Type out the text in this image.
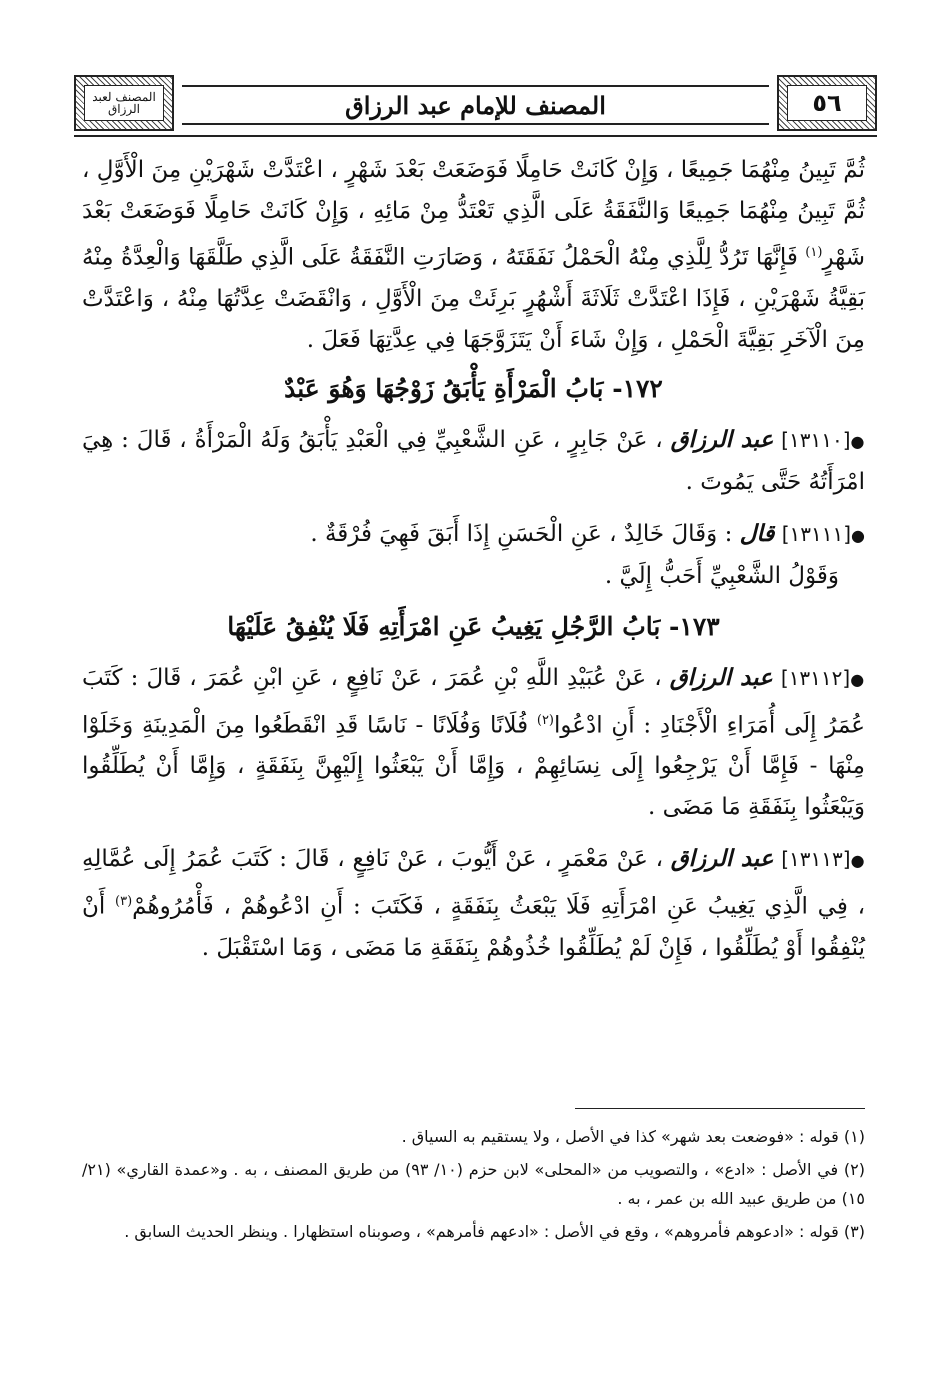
٥٦
المصنف للإمام عبد الرزاق
المصنف لعبد الرزاق

ثُمَّ تَبِينُ مِنْهُمَا جَمِيعًا ، وَإِنْ كَانَتْ حَامِلًا فَوَضَعَتْ بَعْدَ شَهْرٍ ، اعْتَدَّتْ شَهْرَيْنِ مِنَ الْأَوَّلِ ، ثُمَّ تَبِينُ مِنْهُمَا جَمِيعًا وَالنَّفَقَةُ عَلَى الَّذِي تَعْتَدُّ مِنْ مَائِهِ ، وَإِنْ كَانَتْ حَامِلًا فَوَضَعَتْ بَعْدَ شَهْرٍ$^{(١)}$ فَإِنَّهَا تَرُدُّ لِلَّذِي مِنْهُ الْحَمْلُ نَفَقَتَهُ ، وَصَارَتِ النَّفَقَةُ عَلَى الَّذِي طَلَّقَهَا وَالْعِدَّةُ مِنْهُ بَقِيَّةُ شَهْرَيْنِ ، فَإِذَا اعْتَدَّتْ ثَلَاثَةَ أَشْهُرٍ بَرِئَتْ مِنَ الْأَوَّلِ ، وَانْقَضَتْ عِدَّتُهَا مِنْهُ ، وَاعْتَدَّتْ مِنَ الْآخَرِ بَقِيَّةَ الْحَمْلِ ، وَإِنْ شَاءَ أَنْ يَتَزَوَّجَهَا فِي عِدَّتِهَا فَعَلَ .

١٧٢- بَابُ الْمَرْأَةِ يَأْبَقُ زَوْجُهَا وَهُوَ عَبْدٌ

●[١٣١١٠] عبد الرزاق ، عَنْ جَابِرٍ ، عَنِ الشَّعْبِيِّ فِي الْعَبْدِ يَأْبَقُ وَلَهُ الْمَرْأَةُ ، قَالَ : هِيَ امْرَأَتُهُ حَتَّى يَمُوتَ .

●[١٣١١١] قال : وَقَالَ خَالِدٌ ، عَنِ الْحَسَنِ إِذَا أَبَقَ فَهِيَ فُرْقَةٌ .

وَقَوْلُ الشَّعْبِيِّ أَحَبُّ إِلَيَّ .

١٧٣- بَابُ الرَّجُلِ يَغِيبُ عَنِ امْرَأَتِهِ فَلَا يُنْفِقُ عَلَيْهَا

●[١٣١١٢] عبد الرزاق ، عَنْ عُبَيْدِ اللَّهِ بْنِ عُمَرَ ، عَنْ نَافِعٍ ، عَنِ ابْنِ عُمَرَ ، قَالَ : كَتَبَ عُمَرُ إِلَى أُمَرَاءِ الْأَجْنَادِ : أَنِ ادْعُوا$^{(٢)}$ فُلَانًا وَفُلَانًا - نَاسًا قَدِ انْقَطَعُوا مِنَ الْمَدِينَةِ وَخَلَوْا مِنْهَا - فَإِمَّا أَنْ يَرْجِعُوا إِلَى نِسَائِهِمْ ، وَإِمَّا أَنْ يَبْعَثُوا إِلَيْهِنَّ بِنَفَقَةٍ ، وَإِمَّا أَنْ يُطَلِّقُوا وَيَبْعَثُوا بِنَفَقَةِ مَا مَضَى .

●[١٣١١٣] عبد الرزاق ، عَنْ مَعْمَرٍ ، عَنْ أَيُّوبَ ، عَنْ نَافِعٍ ، قَالَ : كَتَبَ عُمَرُ إِلَى عُمَّالِهِ ، فِي الَّذِي يَغِيبُ عَنِ امْرَأَتِهِ فَلَا يَبْعَثُ بِنَفَقَةٍ ، فَكَتَبَ : أَنِ ادْعُوهُمْ ، فَأْمُرُوهُمْ$^{(٣)}$ أَنْ يُنْفِقُوا أَوْ يُطَلِّقُوا ، فَإِنْ لَمْ يُطَلِّقُوا خُذُوهُمْ بِنَفَقَةِ مَا مَضَى ، وَمَا اسْتَقْبَلَ .

(١) قوله : «فوضعت بعد شهر» كذا في الأصل ، ولا يستقيم به السياق .

(٢) في الأصل : «ادع» ، والتصويب من «المحلى» لابن حزم (١٠/ ٩٣) من طريق المصنف ، به . و«عمدة القاري» (٢١/ ١٥) من طريق عبيد الله بن عمر ، به .

(٣) قوله : «ادعوهم فأمروهم» ، وقع في الأصل : «ادعهم فأمرهم» ، وصوبناه استظهارا . وينظر الحديث السابق .
